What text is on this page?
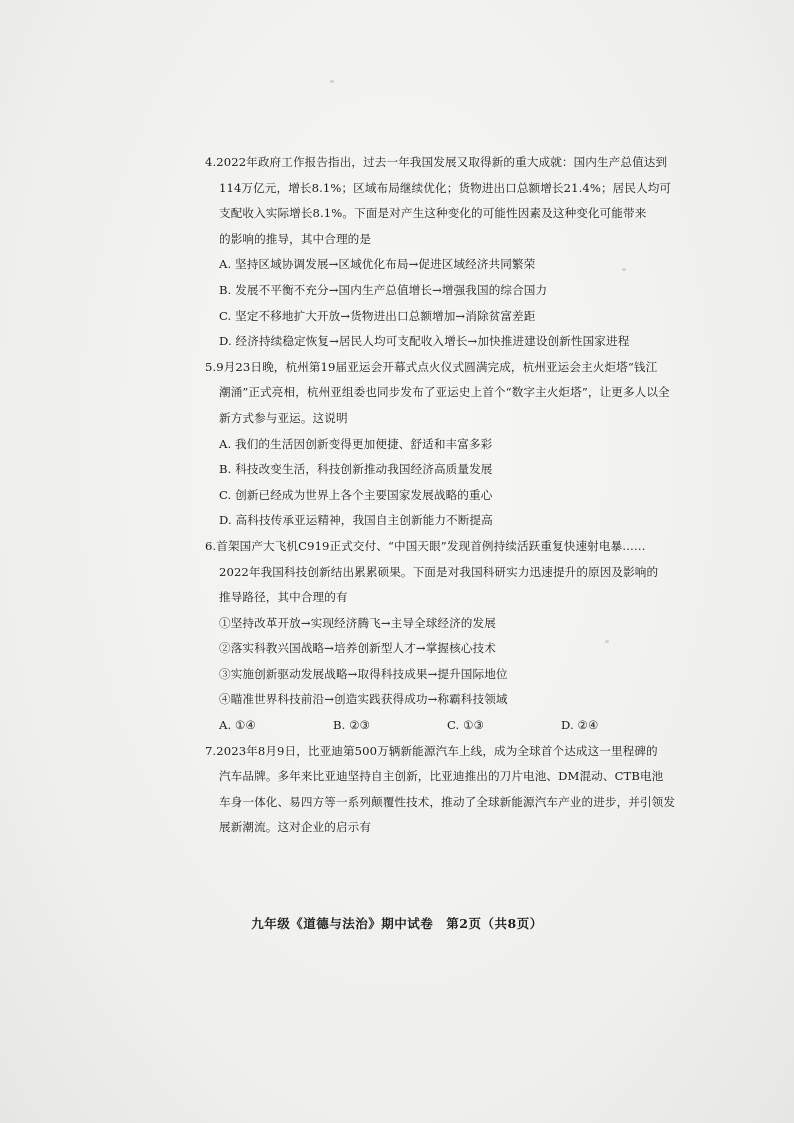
4.2022年政府工作报告指出，过去一年我国发展又取得新的重大成就：国内生产总值达到
114万亿元，增长8.1%；区域布局继续优化；货物进出口总额增长21.4%；居民人均可
支配收入实际增长8.1%。下面是对产生这种变化的可能性因素及这种变化可能带来
的影响的推导，其中合理的是
A. 坚持区域协调发展→区域优化布局→促进区域经济共同繁荣
B. 发展不平衡不充分→国内生产总值增长→增强我国的综合国力
C. 坚定不移地扩大开放→货物进出口总额增加→消除贫富差距
D. 经济持续稳定恢复→居民人均可支配收入增长→加快推进建设创新性国家进程
5.9月23日晚，杭州第19届亚运会开幕式点火仪式圆满完成，杭州亚运会主火炬塔“钱江
潮涌”正式亮相，杭州亚组委也同步发布了亚运史上首个“数字主火炬塔”，让更多人以全
新方式参与亚运。这说明
A. 我们的生活因创新变得更加便捷、舒适和丰富多彩
B. 科技改变生活，科技创新推动我国经济高质量发展
C. 创新已经成为世界上各个主要国家发展战略的重心
D. 高科技传承亚运精神，我国自主创新能力不断提高
6.首架国产大飞机C919正式交付、“中国天眼”发现首例持续活跃重复快速射电暴……
2022年我国科技创新结出累累硕果。下面是对我国科研实力迅速提升的原因及影响的
推导路径，其中合理的有
①坚持改革开放→实现经济腾飞→主导全球经济的发展
②落实科教兴国战略→培养创新型人才→掌握核心技术
③实施创新驱动发展战略→取得科技成果→提升国际地位
④瞄准世界科技前沿→创造实践获得成功→称霸科技领域
A. ①④	B. ②③	C. ①③	D. ②④
7.2023年8月9日，比亚迪第500万辆新能源汽车上线，成为全球首个达成这一里程碑的
汽车品牌。多年来比亚迪坚持自主创新，比亚迪推出的刀片电池、DM混动、CTB电池
车身一体化、易四方等一系列颠覆性技术，推动了全球新能源汽车产业的进步，并引领发
展新潮流。这对企业的启示有
九年级《道德与法治》期中试卷　第2页（共8页）
